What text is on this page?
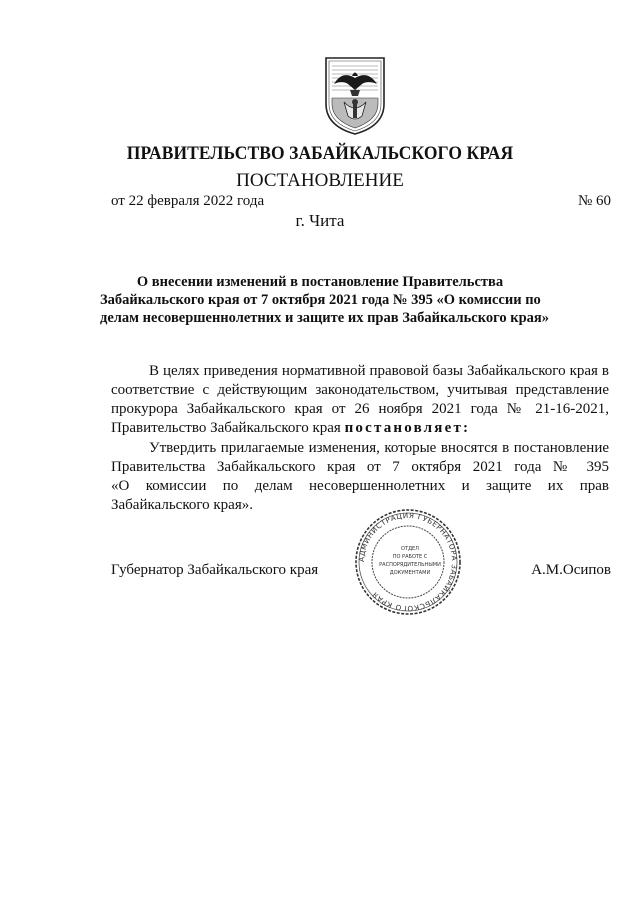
ПРАВИТЕЛЬСТВО ЗАБАЙКАЛЬСКОГО КРАЯ
ПОСТАНОВЛЕНИЕ
от 22 февраля 2022 года	№ 60
г. Чита
О внесении изменений в постановление Правительства
Забайкальского края от 7 октября 2021 года № 395 «О комиссии по
делам несовершеннолетних и защите их прав Забайкальского края»
В целях приведения нормативной правовой базы Забайкальского края в
соответствие с действующим законодательством, учитывая представление
прокурора Забайкальского края от 26 ноября 2021 года № 21-16-2021,
Правительство Забайкальского края постановляет:
Утвердить прилагаемые изменения, которые вносятся в постановление
Правительства Забайкальского края от 7 октября 2021 года № 395
«О комиссии по делам несовершеннолетних и защите их прав
Забайкальского края».
Губернатор Забайкальского края	А.М.Осипов
АДМИНИСТРАЦИЯ ГУБЕРНАТОРА ЗАБАЙКАЛЬСКОГО КРАЯ
ОТДЕЛ
ПО РАБОТЕ С
РАСПОРЯДИТЕЛЬНЫМИ
ДОКУМЕНТАМИ
